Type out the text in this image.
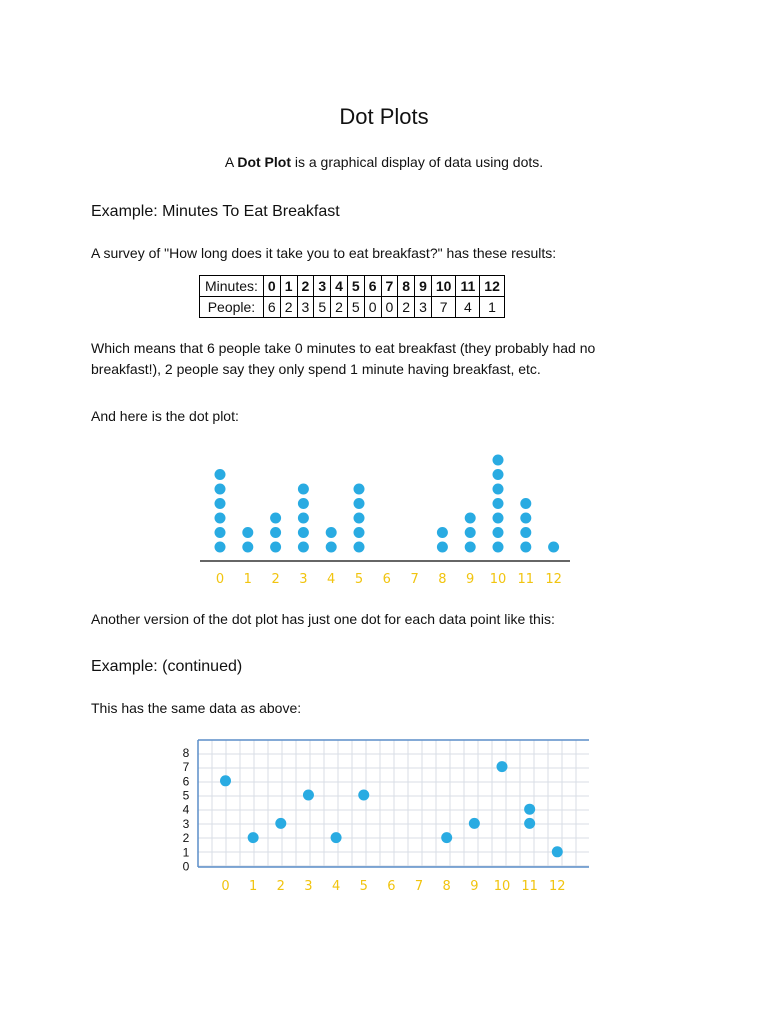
Dot Plots
A Dot Plot is a graphical display of data using dots.
Example: Minutes To Eat Breakfast
A survey of "How long does it take you to eat breakfast?" has these results:
Minutes:	0	1	2	3	4	5	6	7	8	9	10	11	12
People:	6	2	3	5	2	5	0	0	2	3	7	4	1
Which means that 6 people take 0 minutes to eat breakfast (they probably had no breakfast!), 2 people say they only spend 1 minute having breakfast, etc.
And here is the dot plot:
0 1 2 3 4 5 6 7 8 9 10 11 12
Another version of the dot plot has just one dot for each data point like this:
Example: (continued)
This has the same data as above:
0
1
2
3
4
5
6
7
8
0 1 2 3 4 5 6 7 8 9 10 11 12
